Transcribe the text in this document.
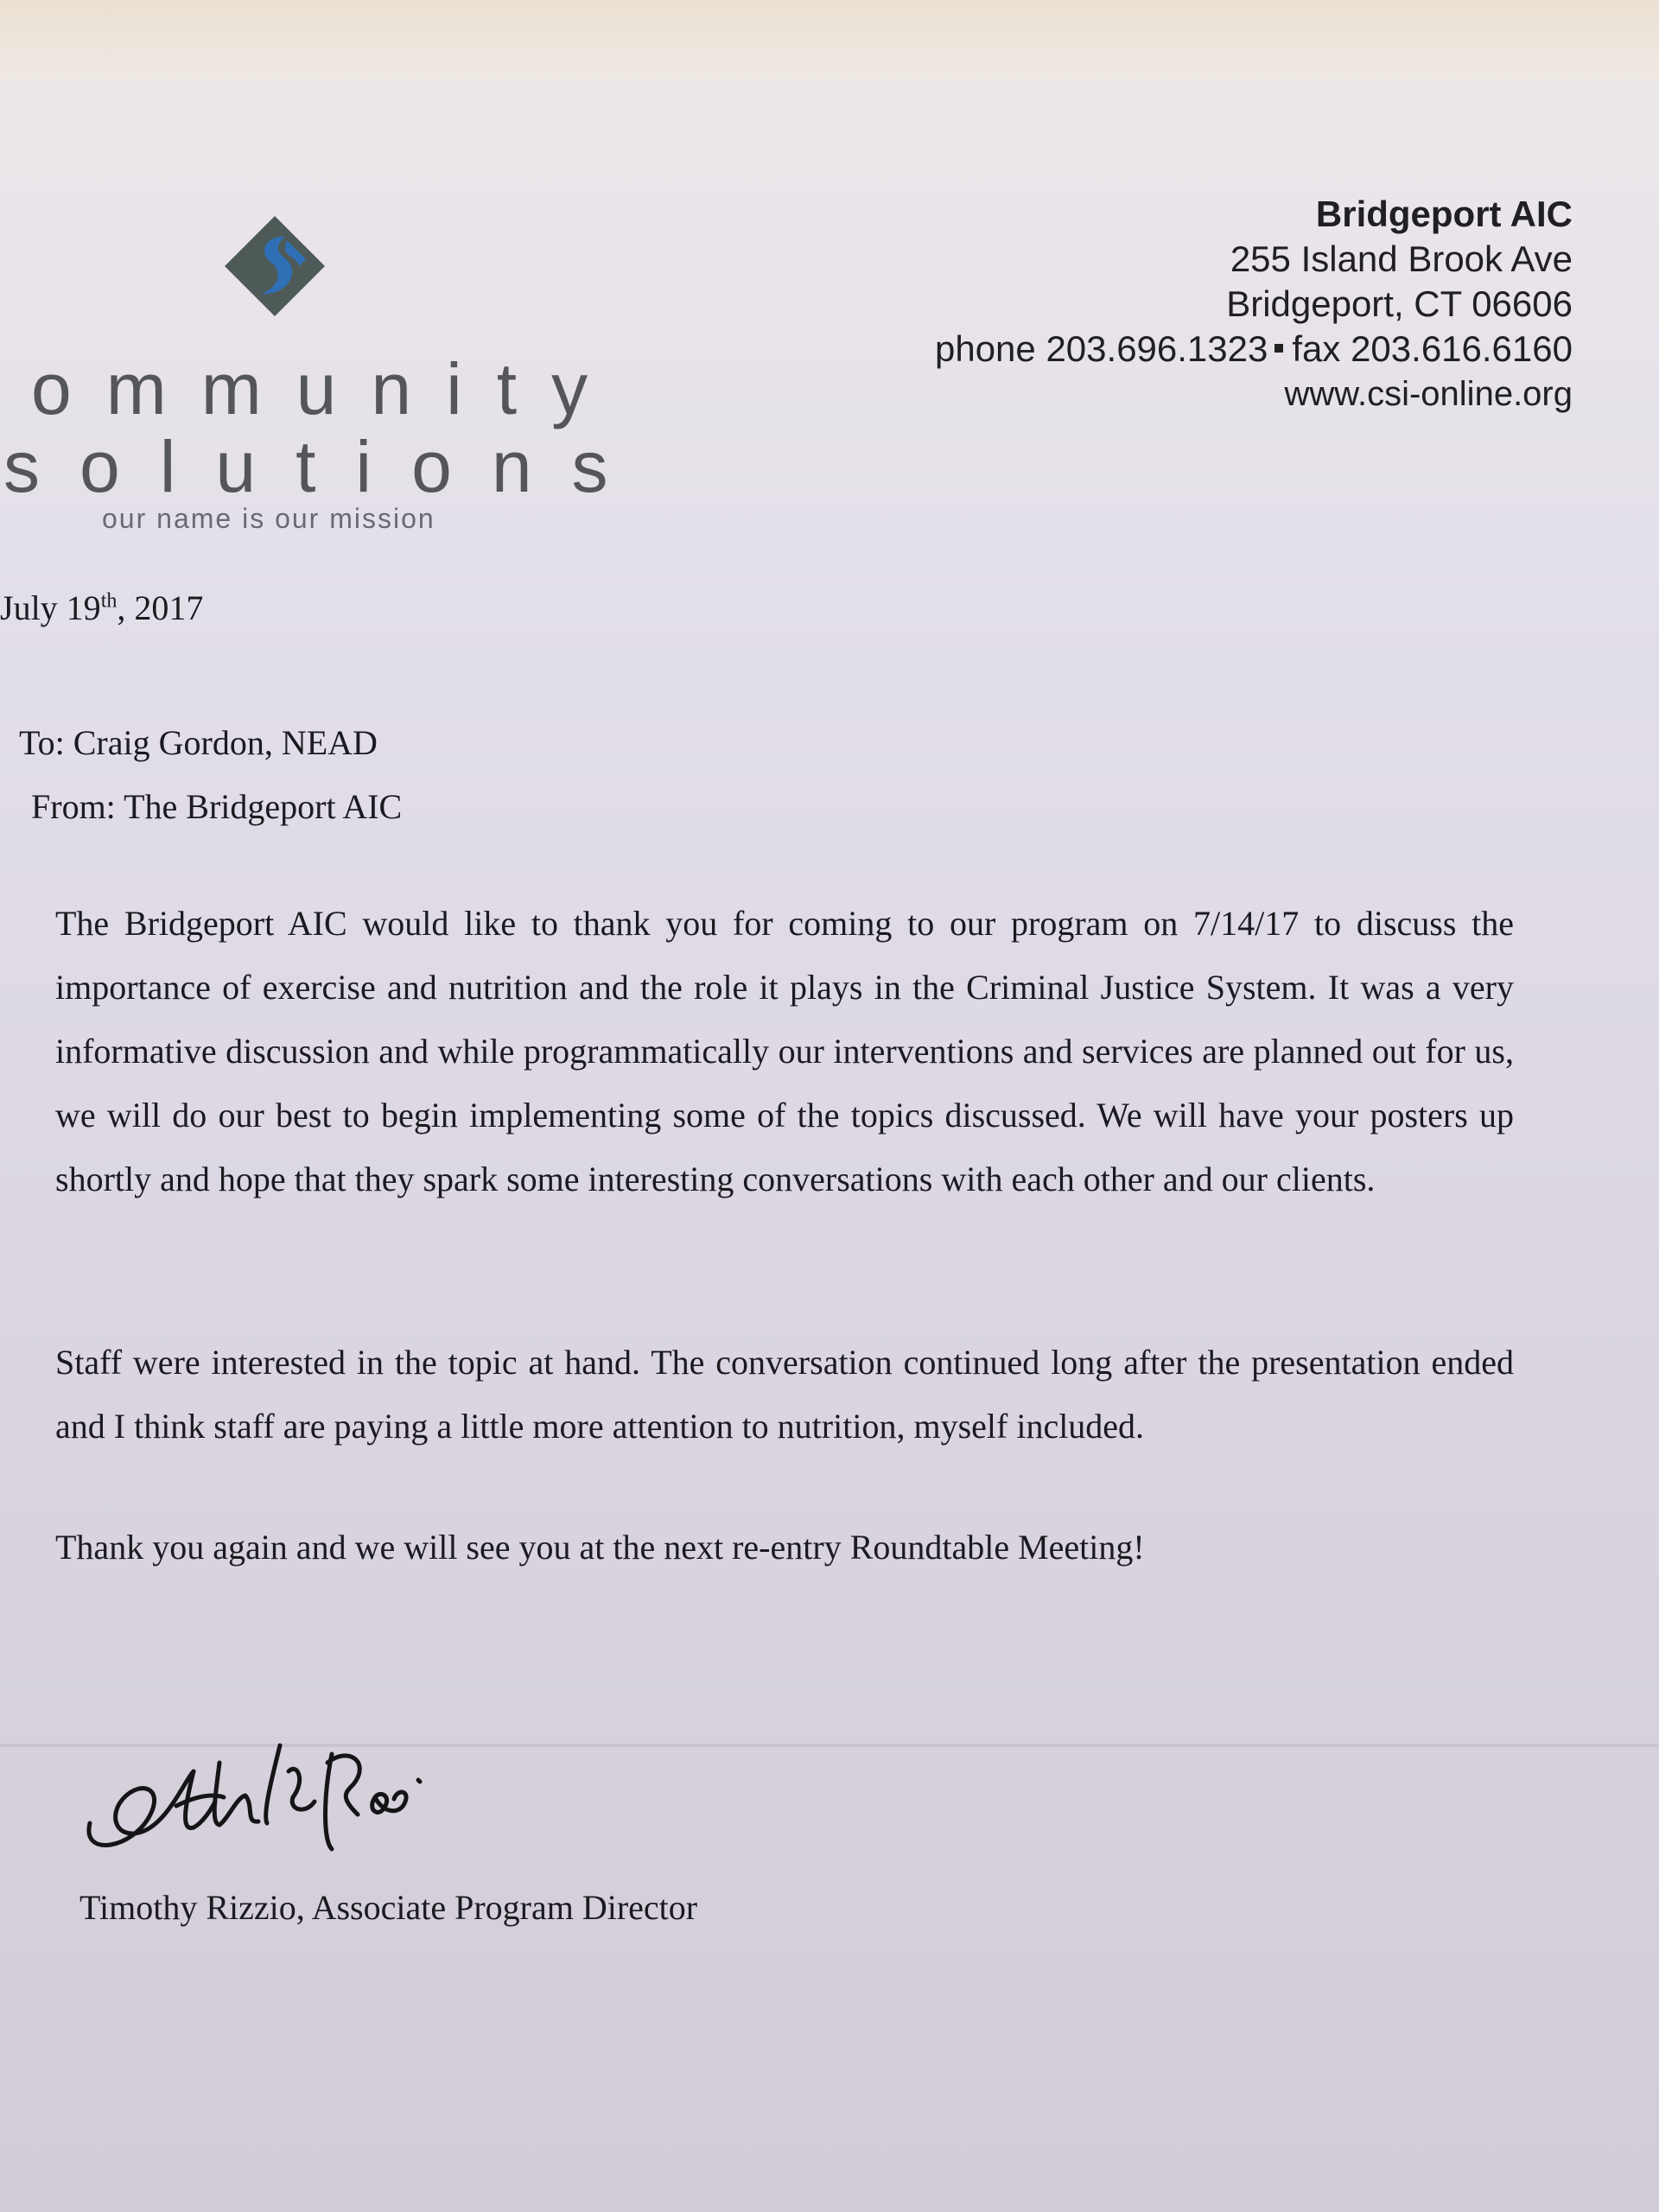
ommunity
solutions
our name is our mission
Bridgeport AIC
255 Island Brook Ave
Bridgeport, CT 06606
phone 203.696.1323 fax 203.616.6160
www.csi-online.org
July 19th, 2017
To: Craig Gordon, NEAD
From: The Bridgeport AIC
The Bridgeport AIC would like to thank you for coming to our program on 7/14/17 to discuss the importance of exercise and nutrition and the role it plays in the Criminal Justice System. It was a very informative discussion and while programmatically our interventions and services are planned out for us, we will do our best to begin implementing some of the topics discussed. We will have your posters up shortly and hope that they spark some interesting conversations with each other and our clients.
Staff were interested in the topic at hand. The conversation continued long after the presentation ended and I think staff are paying a little more attention to nutrition, myself included.
Thank you again and we will see you at the next re-entry Roundtable Meeting!
Timothy Rizzio, Associate Program Director
